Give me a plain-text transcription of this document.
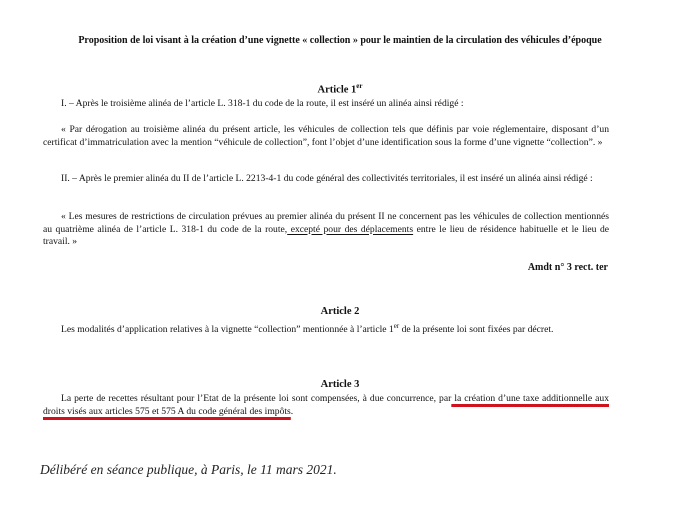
Proposition de loi visant à la création d’une vignette « collection » pour le maintien de la circulation des véhicules d’époque
Article 1er

I. – Après le troisième alinéa de l’article L. 318-1 du code de la route, il est inséré un alinéa ainsi rédigé :

« Par dérogation au troisième alinéa du présent article, les véhicules de collection tels que définis par voie réglementaire, disposant d’un certificat d’immatriculation avec la mention “véhicule de collection”, font l’objet d’une identification sous la forme d’une vignette “collection”. »

II. – Après le premier alinéa du II de l’article L. 2213-4-1 du code général des collectivités territoriales, il est inséré un alinéa ainsi rédigé :

« Les mesures de restrictions de circulation prévues au premier alinéa du présent II ne concernent pas les véhicules de collection mentionnés au quatrième alinéa de l’article L. 318-1 du code de la route, excepté pour des déplacements entre le lieu de résidence habituelle et le lieu de travail. »

Amdt n° 3 rect. ter
Article 2

Les modalités d’application relatives à la vignette “collection” mentionnée à l’article 1er de la présente loi sont fixées par décret.

Article 3

La perte de recettes résultant pour l’Etat de la présente loi sont compensées, à due concurrence, par la création d’une taxe additionnelle aux droits visés aux articles 575 et 575 A du code général des impôts.

Délibéré en séance publique, à Paris, le 11 mars 2021.
